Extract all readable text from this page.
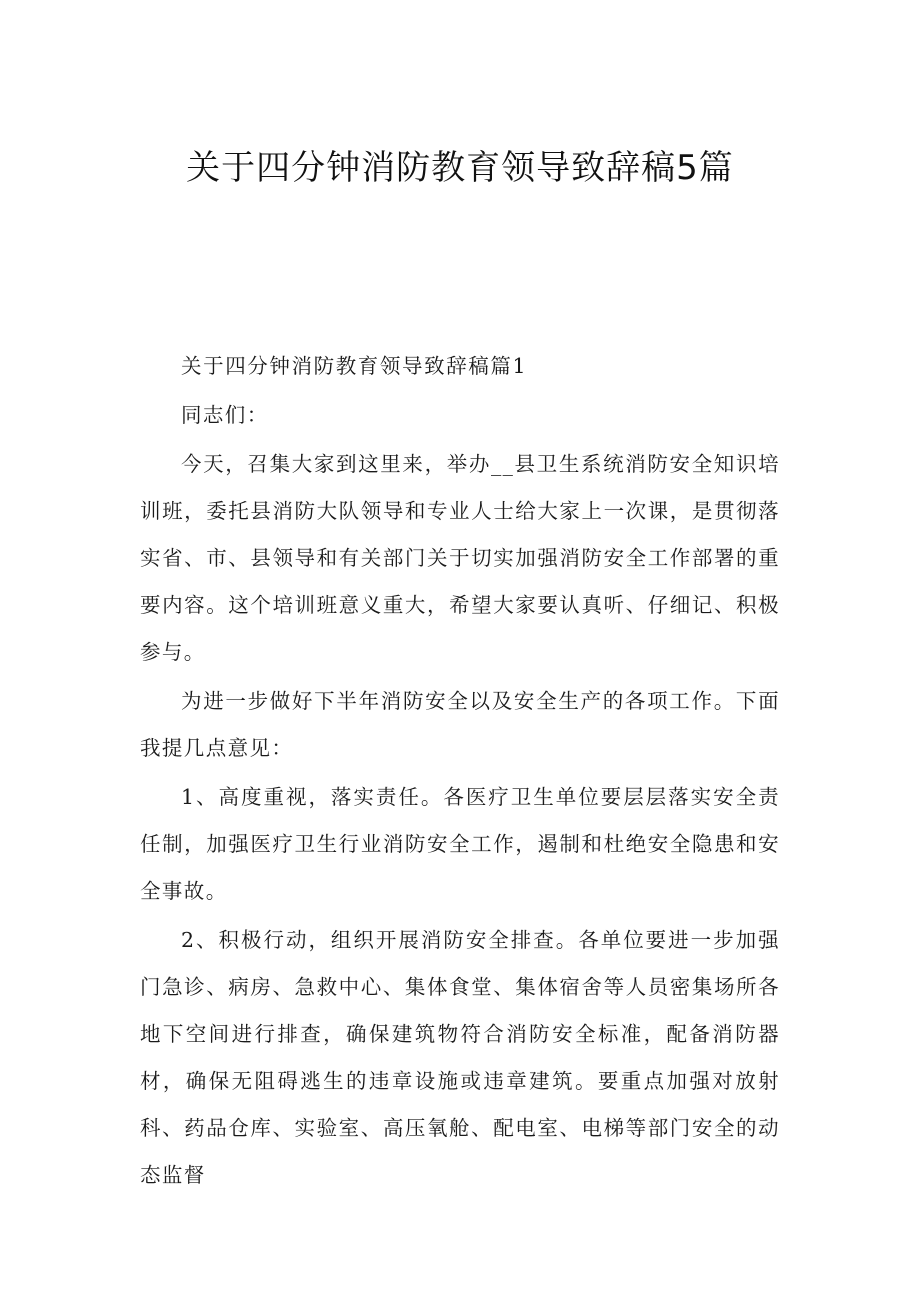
关于四分钟消防教育领导致辞稿5篇

关于四分钟消防教育领导致辞稿篇1

同志们：

今天，召集大家到这里来，举办__县卫生系统消防安全知识培训班，委托县消防大队领导和专业人士给大家上一次课，是贯彻落实省、市、县领导和有关部门关于切实加强消防安全工作部署的重要内容。这个培训班意义重大，希望大家要认真听、仔细记、积极参与。

为进一步做好下半年消防安全以及安全生产的各项工作。下面我提几点意见：

1、高度重视，落实责任。各医疗卫生单位要层层落实安全责任制，加强医疗卫生行业消防安全工作，遏制和杜绝安全隐患和安全事故。

2、积极行动，组织开展消防安全排查。各单位要进一步加强门急诊、病房、急救中心、集体食堂、集体宿舍等人员密集场所各地下空间进行排查，确保建筑物符合消防安全标准，配备消防器材，确保无阻碍逃生的违章设施或违章建筑。要重点加强对放射科、药品仓库、实验室、高压氧舱、配电室、电梯等部门安全的动态监督
